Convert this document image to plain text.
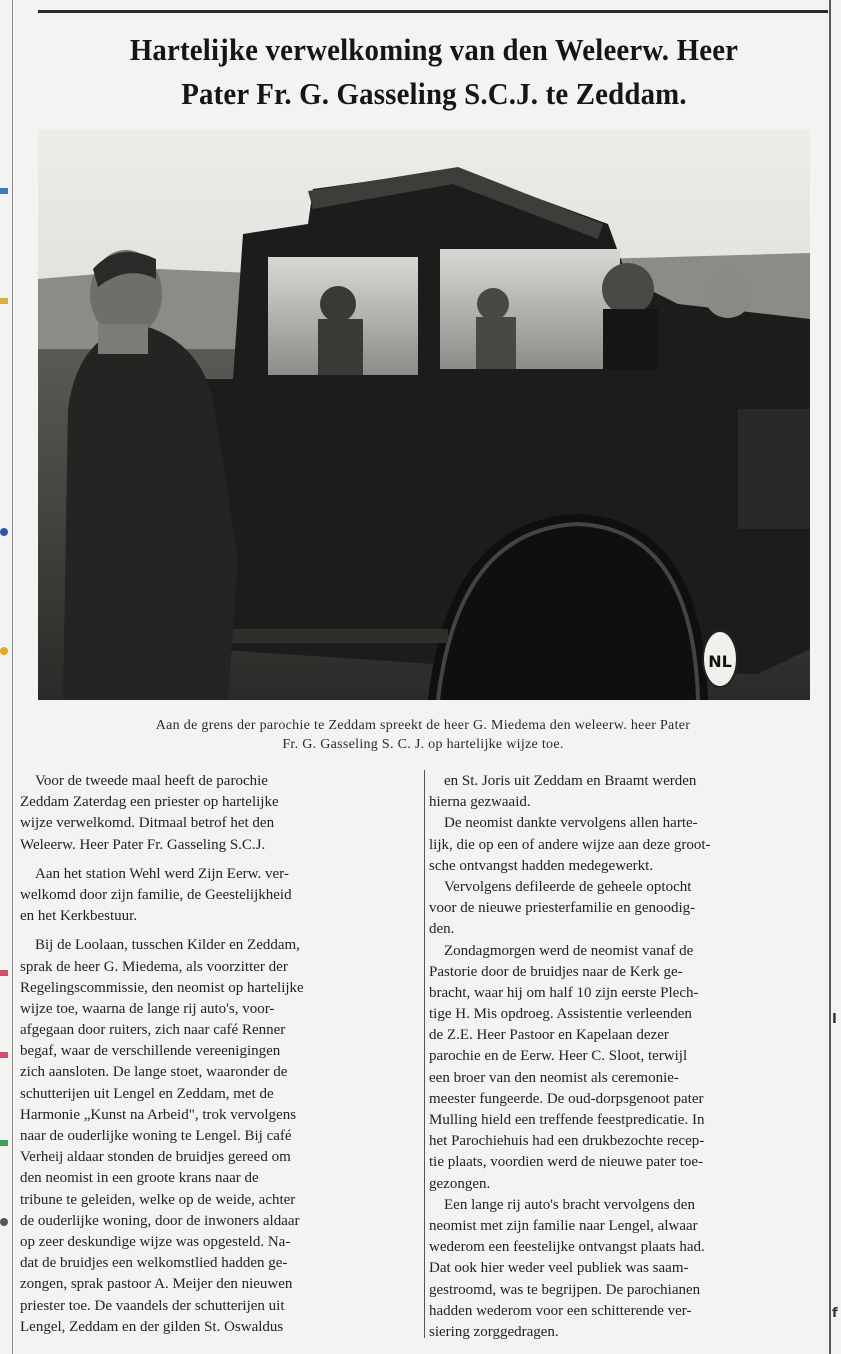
I
f
Hartelijke verwelkoming van den Weleerw. Heer
Pater Fr. G. Gasseling S.C.J. te Zeddam.
NL
Aan de grens der parochie te Zeddam spreekt de heer G. Miedema den weleerw. heer Pater
Fr. G. Gasseling S. C. J. op hartelijke wijze toe.

 Voor de tweede maal heeft de parochie
Zeddam Zaterdag een priester op hartelijke
wijze verwelkomd. Ditmaal betrof het den
Weleerw. Heer Pater Fr. Gasseling S.C.J.

 Aan het station Wehl werd Zijn Eerw. ver-
welkomd door zijn familie, de Geestelijkheid
en het Kerkbestuur.

 Bij de Loolaan, tusschen Kilder en Zeddam,
sprak de heer G. Miedema, als voorzitter der
Regelingscommissie, den neomist op hartelijke
wijze toe, waarna de lange rij auto's, voor-
afgegaan door ruiters, zich naar café Renner
begaf, waar de verschillende vereenigingen
zich aansloten. De lange stoet, waaronder de
schutterijen uit Lengel en Zeddam, met de
Harmonie „Kunst na Arbeid", trok vervolgens
naar de ouderlijke woning te Lengel. Bij café
Verheij aldaar stonden de bruidjes gereed om
den neomist in een groote krans naar de
tribune te geleiden, welke op de weide, achter
de ouderlijke woning, door de inwoners aldaar
op zeer deskundige wijze was opgesteld. Na-
dat de bruidjes een welkomstlied hadden ge-
zongen, sprak pastoor A. Meijer den nieuwen
priester toe. De vaandels der schutterijen uit
Lengel, Zeddam en der gilden St. Oswaldus

 en St. Joris uit Zeddam en Braamt werden
hierna gezwaaid.

 De neomist dankte vervolgens allen harte-
lijk, die op een of andere wijze aan deze groot-
sche ontvangst hadden medegewerkt.

 Vervolgens defileerde de geheele optocht
voor de nieuwe priesterfamilie en genoodig-
den.

 Zondagmorgen werd de neomist vanaf de
Pastorie door de bruidjes naar de Kerk ge-
bracht, waar hij om half 10 zijn eerste Plech-
tige H. Mis opdroeg. Assistentie verleenden
de Z.E. Heer Pastoor en Kapelaan dezer
parochie en de Eerw. Heer C. Sloot, terwijl
een broer van den neomist als ceremonie-
meester fungeerde. De oud-dorpsgenoot pater
Mulling hield een treffende feestpredicatie. In
het Parochiehuis had een drukbezochte recep-
tie plaats, voordien werd de nieuwe pater toe-
gezongen.

 Een lange rij auto's bracht vervolgens den
neomist met zijn familie naar Lengel, alwaar
wederom een feestelijke ontvangst plaats had.
Dat ook hier weder veel publiek was saam-
gestroomd, was te begrijpen. De parochianen
hadden wederom voor een schitterende ver-
siering zorggedragen.
